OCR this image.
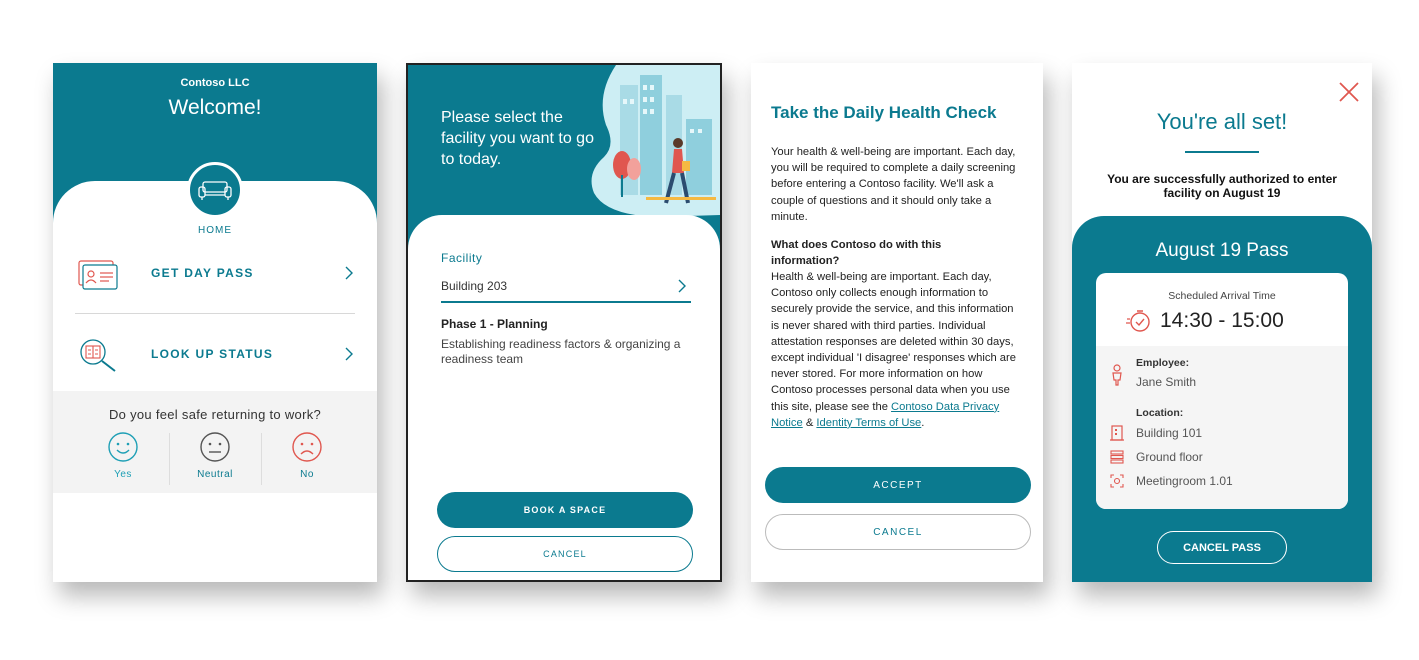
Contoso LLC
Welcome!
HOME
GET DAY PASS
LOOK UP STATUS
Do you feel safe returning to work?
Yes	Neutral	No
Please select the facility you want to go to today.
Facility
Building 203
Phase 1 - Planning
Establishing readiness factors & organizing a readiness team
BOOK A SPACE
CANCEL
Take the Daily Health Check
Your health & well-being are important. Each day, you will be required to complete a daily screening before entering a Contoso facility. We'll ask a couple of questions and it should only take a minute.
What does Contoso do with this information?
Health & well-being are important. Each day, Contoso only collects enough information to securely provide the service, and this information is never shared with third parties. Individual attestation responses are deleted within 30 days, except individual 'I disagree' responses which are never stored. For more information on how Contoso processes personal data when you use this site, please see the Contoso Data Privacy Notice & Identity Terms of Use.
ACCEPT
CANCEL
You're all set!
You are successfully authorized to enter facility on August 19
August 19 Pass
Scheduled Arrival Time
14:30 - 15:00
Employee:
Jane Smith
Location:
Building 101
Ground floor
Meetingroom 1.01
CANCEL PASS
